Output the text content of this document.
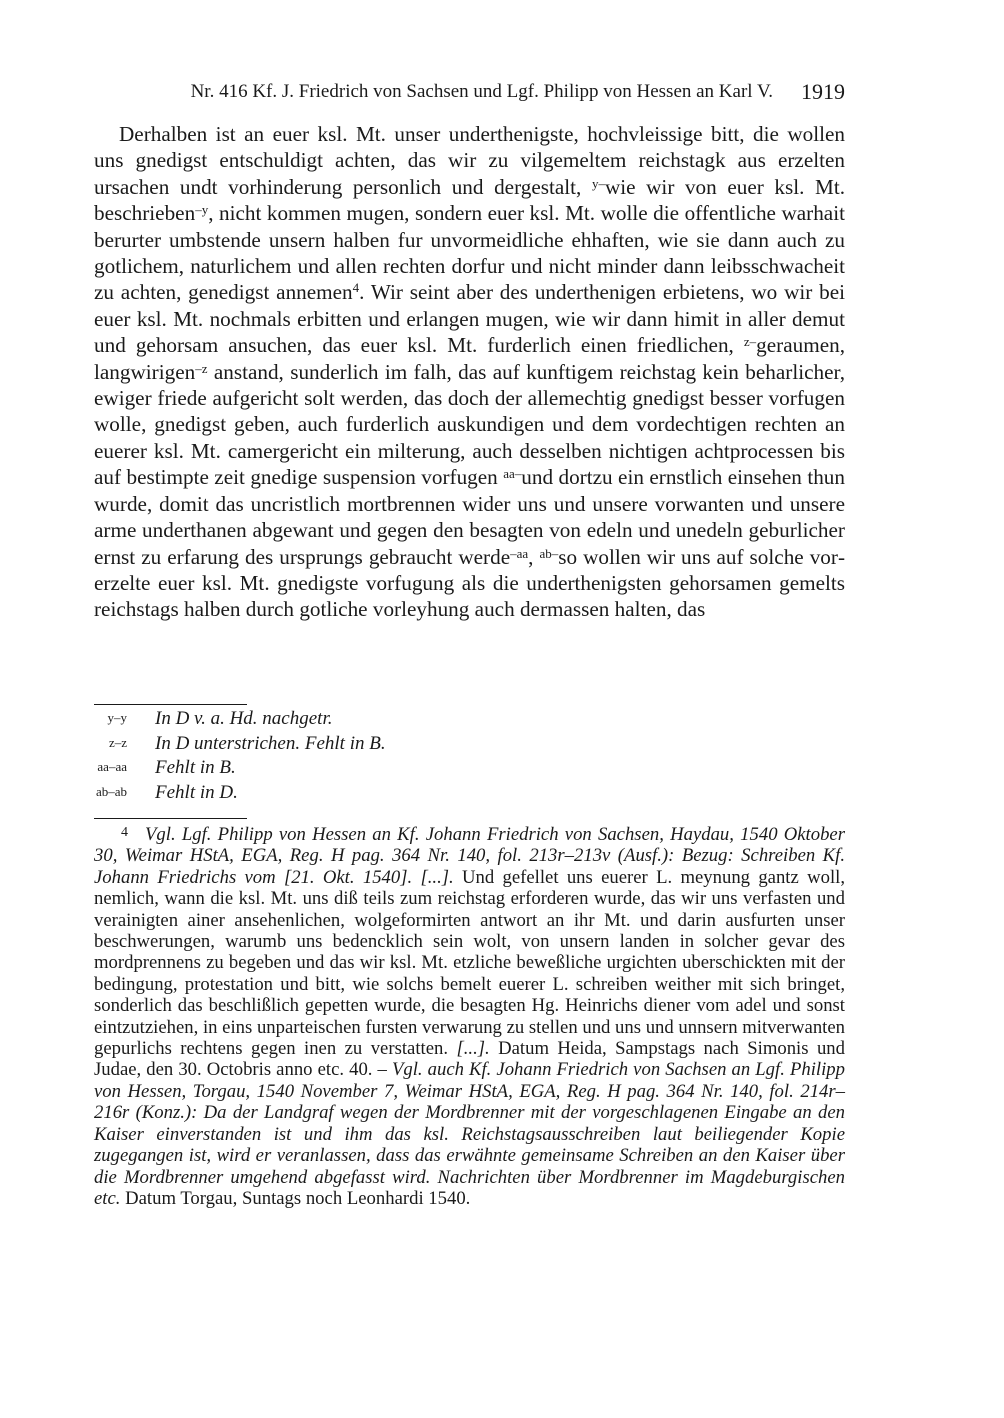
Nr. 416 Kf. J. Friedrich von Sachsen und Lgf. Philipp von Hessen an Karl V. 1919

Derhalben ist an euer ksl. Mt. unser underthenigste, hochvleissige bitt, die wollen uns gnedigst entschuldigt achten, das wir zu vilgemeltem reichstagk aus erzelten ursachen undt vorhinderung personlich und dergestalt, $^{y-}$wie wir von euer ksl. Mt. beschrieben$^{-y}$, nicht kommen mugen, sondern euer ksl. Mt. wolle die offentliche warhait berurter umbstende unsern halben fur unvormeidliche ehhaften, wie sie dann auch zu gotlichem, naturlichem und allen rechten dorfur und nicht minder dann leibsschwacheit zu achten, genedigst annemen$^4$. Wir seint aber des underthenigen erbietens, wo wir bei euer ksl. Mt. nochmals erbitten und erlangen mugen, wie wir dann himit in aller demut und gehorsam ansuchen, das euer ksl. Mt. furderlich einen friedlichen, $^{z-}$geraumen, langwirigen$^{-z}$ anstand, sunderlich im falh, das auf kunftigem reichstag kein beharlicher, ewiger friede aufgericht solt werden, das doch der allemechtig gnedigst besser vorfugen wolle, gnedigst geben, auch furderlich auskundigen und dem vordechtigen rechten an euerer ksl. Mt. camergericht ein milterung, auch desselben nichtigen achtprocessen bis auf bestimpte zeit gnedige suspension vorfugen $^{aa-}$und dortzu ein ernstlich einsehen thun wurde, domit das uncristlich mortbrennen wider uns und unsere vorwanten und unsere arme underthanen abgewant und gegen den besagten von edeln und unedeln geburlicher ernst zu erfarung des ursprungs gebraucht werde$^{-aa}$, $^{ab-}$so wollen wir uns auf solche vorerzelte euer ksl. Mt. gnedigste vorfugung als die underthenigsten gehorsamen gemelts reichstags halben durch gotliche vorleyhung auch dermassen halten, das

y–y In D v. a. Hd. nachgetr.
z–z In D unterstrichen. Fehlt in B.
aa–aa Fehlt in B.
ab–ab Fehlt in D.

4 Vgl. Lgf. Philipp von Hessen an Kf. Johann Friedrich von Sachsen, Haydau, 1540 Oktober 30, Weimar HStA, EGA, Reg. H pag. 364 Nr. 140, fol. 213r–213v (Ausf.): Bezug: Schreiben Kf. Johann Friedrichs vom [21. Okt. 1540]. [...]. Und gefellet uns euerer L. meynung gantz woll, nemlich, wann die ksl. Mt. uns diß teils zum reichstag erforderen wurde, das wir uns verfasten und verainigten ainer ansehenlichen, wolgeformirten antwort an ihr Mt. und darin ausfurten unser beschwerungen, warumb uns bedencklich sein wolt, von unsern landen in solcher gevar des mordprennens zu begeben und das wir ksl. Mt. etzliche beweßliche urgichten uberschickten mit der bedingung, protestation und bitt, wie solchs bemelt euerer L. schreiben weither mit sich bringet, sonderlich das beschlißlich gepetten wurde, die besagten Hg. Heinrichs diener vom adel und sonst eintzutziehen, in eins unparteischen fursten verwarung zu stellen und uns und unnsern mitverwanten gepurlichs rechtens gegen inen zu verstatten. [...]. Datum Heida, Sampstags nach Simonis und Judae, den 30. Octobris anno etc. 40. – Vgl. auch Kf. Johann Friedrich von Sachsen an Lgf. Philipp von Hessen, Torgau, 1540 November 7, Weimar HStA, EGA, Reg. H pag. 364 Nr. 140, fol. 214r–216r (Konz.): Da der Landgraf wegen der Mordbrenner mit der vorgeschlagenen Eingabe an den Kaiser einverstanden ist und ihm das ksl. Reichstagsausschreiben laut beiliegender Kopie zugegangen ist, wird er veranlassen, dass das erwähnte gemeinsame Schreiben an den Kaiser über die Mordbrenner umgehend abgefasst wird. Nachrichten über Mordbrenner im Magdeburgischen etc. Datum Torgau, Suntags noch Leonhardi 1540.
